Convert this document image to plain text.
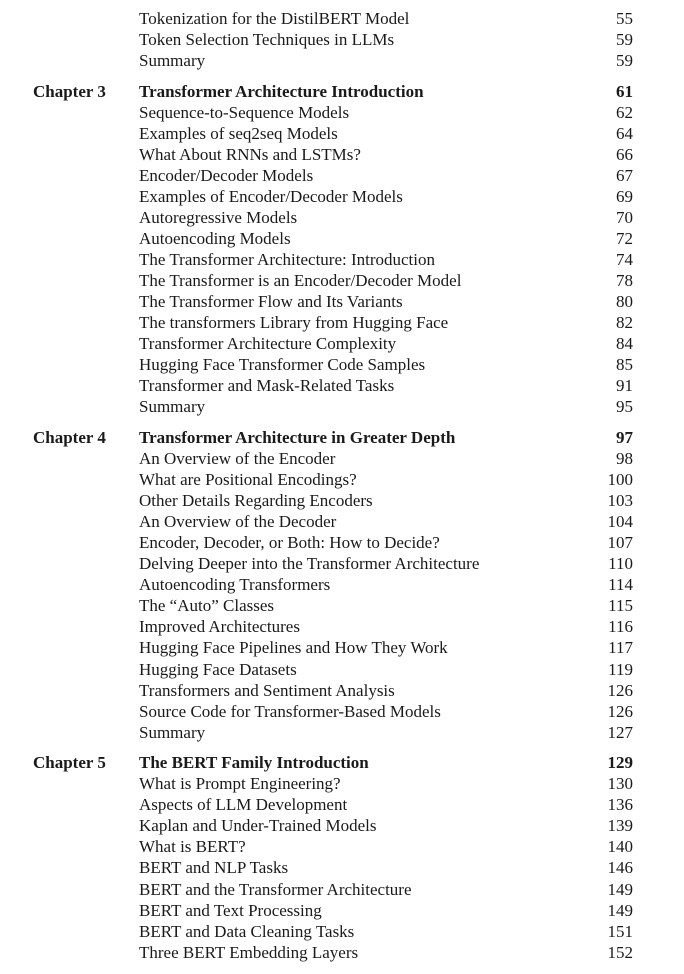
Tokenization for the DistilBERT Model	55
Token Selection Techniques in LLMs	59
Summary	59
Chapter 3 Transformer Architecture Introduction	61
Sequence-to-Sequence Models	62
Examples of seq2seq Models	64
What About RNNs and LSTMs?	66
Encoder/Decoder Models	67
Examples of Encoder/Decoder Models	69
Autoregressive Models	70
Autoencoding Models	72
The Transformer Architecture: Introduction	74
The Transformer is an Encoder/Decoder Model	78
The Transformer Flow and Its Variants	80
The transformers Library from Hugging Face	82
Transformer Architecture Complexity	84
Hugging Face Transformer Code Samples	85
Transformer and Mask-Related Tasks	91
Summary	95
Chapter 4 Transformer Architecture in Greater Depth	97
An Overview of the Encoder	98
What are Positional Encodings?	100
Other Details Regarding Encoders	103
An Overview of the Decoder	104
Encoder, Decoder, or Both: How to Decide?	107
Delving Deeper into the Transformer Architecture	110
Autoencoding Transformers	114
The “Auto” Classes	115
Improved Architectures	116
Hugging Face Pipelines and How They Work	117
Hugging Face Datasets	119
Transformers and Sentiment Analysis	126
Source Code for Transformer-Based Models	126
Summary	127
Chapter 5 The BERT Family Introduction	129
What is Prompt Engineering?	130
Aspects of LLM Development	136
Kaplan and Under-Trained Models	139
What is BERT?	140
BERT and NLP Tasks	146
BERT and the Transformer Architecture	149
BERT and Text Processing	149
BERT and Data Cleaning Tasks	151
Three BERT Embedding Layers	152
